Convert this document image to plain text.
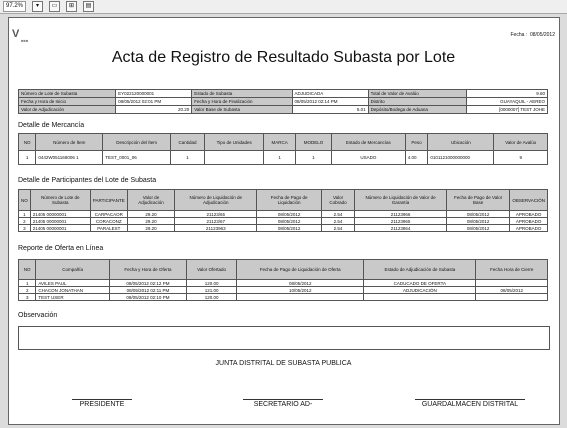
97.2%	▾	▭	⊞	▤
V
■■■
Fecha : 08/05/2012
Acta de Registro de Resultado Subasta por Lote
Número de Lote de Subasta	EY022120000001	Estado de Subasta	ADJUDICADA	Total de Valor de Avalúo	9.60
Fecha y Hora de Inicio	08/05/2012 02:01 PM	Fecha y Hora de Finalización	08/05/2012 02:14 PM	Distrito	GUAYAQUIL - AEREO
Valor de Adjudicación	20.20	Valor Base de Subasta	5.01	Depósito/Bodega de Aduana	[0000007] TEST JOHE
Detalle de Mercancía
NO	Número de Ítem	Descripción del Ítem	Cantidad	Tipo de Unidades	MARCA	MODELO	Estado de Mercancías	Peso	Ubicación	Valor de Avalúo
1	0442W051168006 1	TEST_0001_06	1		1	1	USADO	4.00	0101121000000000	9
Detalle de Participantes del Lote de Subasta
NO	Número de Lote de Subasta	PARTICIPANTE	Valor de Adjudicación	Número de Liquidación de Adjudicación	Fecha de Pago de Liquidación	Valor Cobrado	Número de Liquidación de Valor de Garantía	Fecha de Pago de Valor Base	OBSERVACIÓN
1	21405 00000001	CARPACAOR	29.20	21123/65	08/05/2012	2.54	21123966	08/05/2012	APROBADO
2	21405 00000001	CORACONZ	29.20	21123/67	08/05/2012	2.54	21123965	08/05/2012	APROBADO
3	21405 00000001	PARALEST	29.20	21123963	08/05/2012	2.54	21123864	08/05/2012	APROBADO
Reporte de Oferta en Línea
NO	Compañía	Fecha y Hora de Oferta	Valor Ofertado	Fecha de Pago de Liquidación de Oferta	Estado de Adjudicación de Subasta	Fecha Hora de Cierre
1	AVILES PAUL	08/05/2012 02:12 PM	120.00	08/05/2012	CADUCADO DE OFERTA	
2	CHACON JONATHAN	08/05/2012 02:11 PM	121.00	10/05/2012	ADJUDICACIÓN	08/05/2012
3	TEST USER	08/05/2012 02:10 PM	120.00			
Observación
JUNTA DISTRITAL DE SUBASTA PUBLICA
PRESIDENTE	SECRETARIO AD-	GUARDALMACEN DISTRITAL
